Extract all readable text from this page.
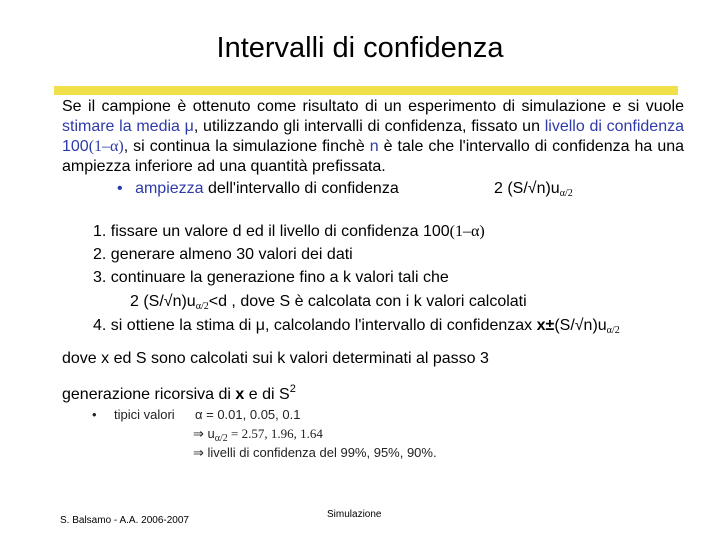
Intervalli di confidenza
Se il campione è ottenuto come risultato di un esperimento di simulazione e si vuole stimare la media μ, utilizzando gli intervalli di confidenza, fissato un livello di confidenza 100(1–α), si continua la simulazione finchè n è tale che l'intervallo di confidenza ha una ampiezza inferiore ad una quantità prefissata.
• ampiezza dell'intervallo di confidenza	2 $(S/√n)u_{\alpha/2}$
1. fissare un valore d ed il livello di confidenza 100(1–α)
2. generare almeno 30 valori dei dati
3. continuare la generazione fino a k valori tali che
2 $(S/√n)u_{\alpha/2}<d$ , dove S è calcolata con i k valori calcolati
4. si ottiene la stima di μ, calcolando l'intervallo di confidenzax $x\pm(S/√n)u_{\alpha/2}$
dove x ed S sono calcolati sui k valori determinati al passo 3
generazione ricorsiva di x e di $S^2$
• tipici valori α = 0.01, 0.05, 0.1
⇒ $u_{\alpha/2} = 2.57$, 1.96, 1.64
⇒ livelli di confidenza del 99%, 95%, 90%.
S. Balsamo - A.A. 2006-2007
Simulazione
